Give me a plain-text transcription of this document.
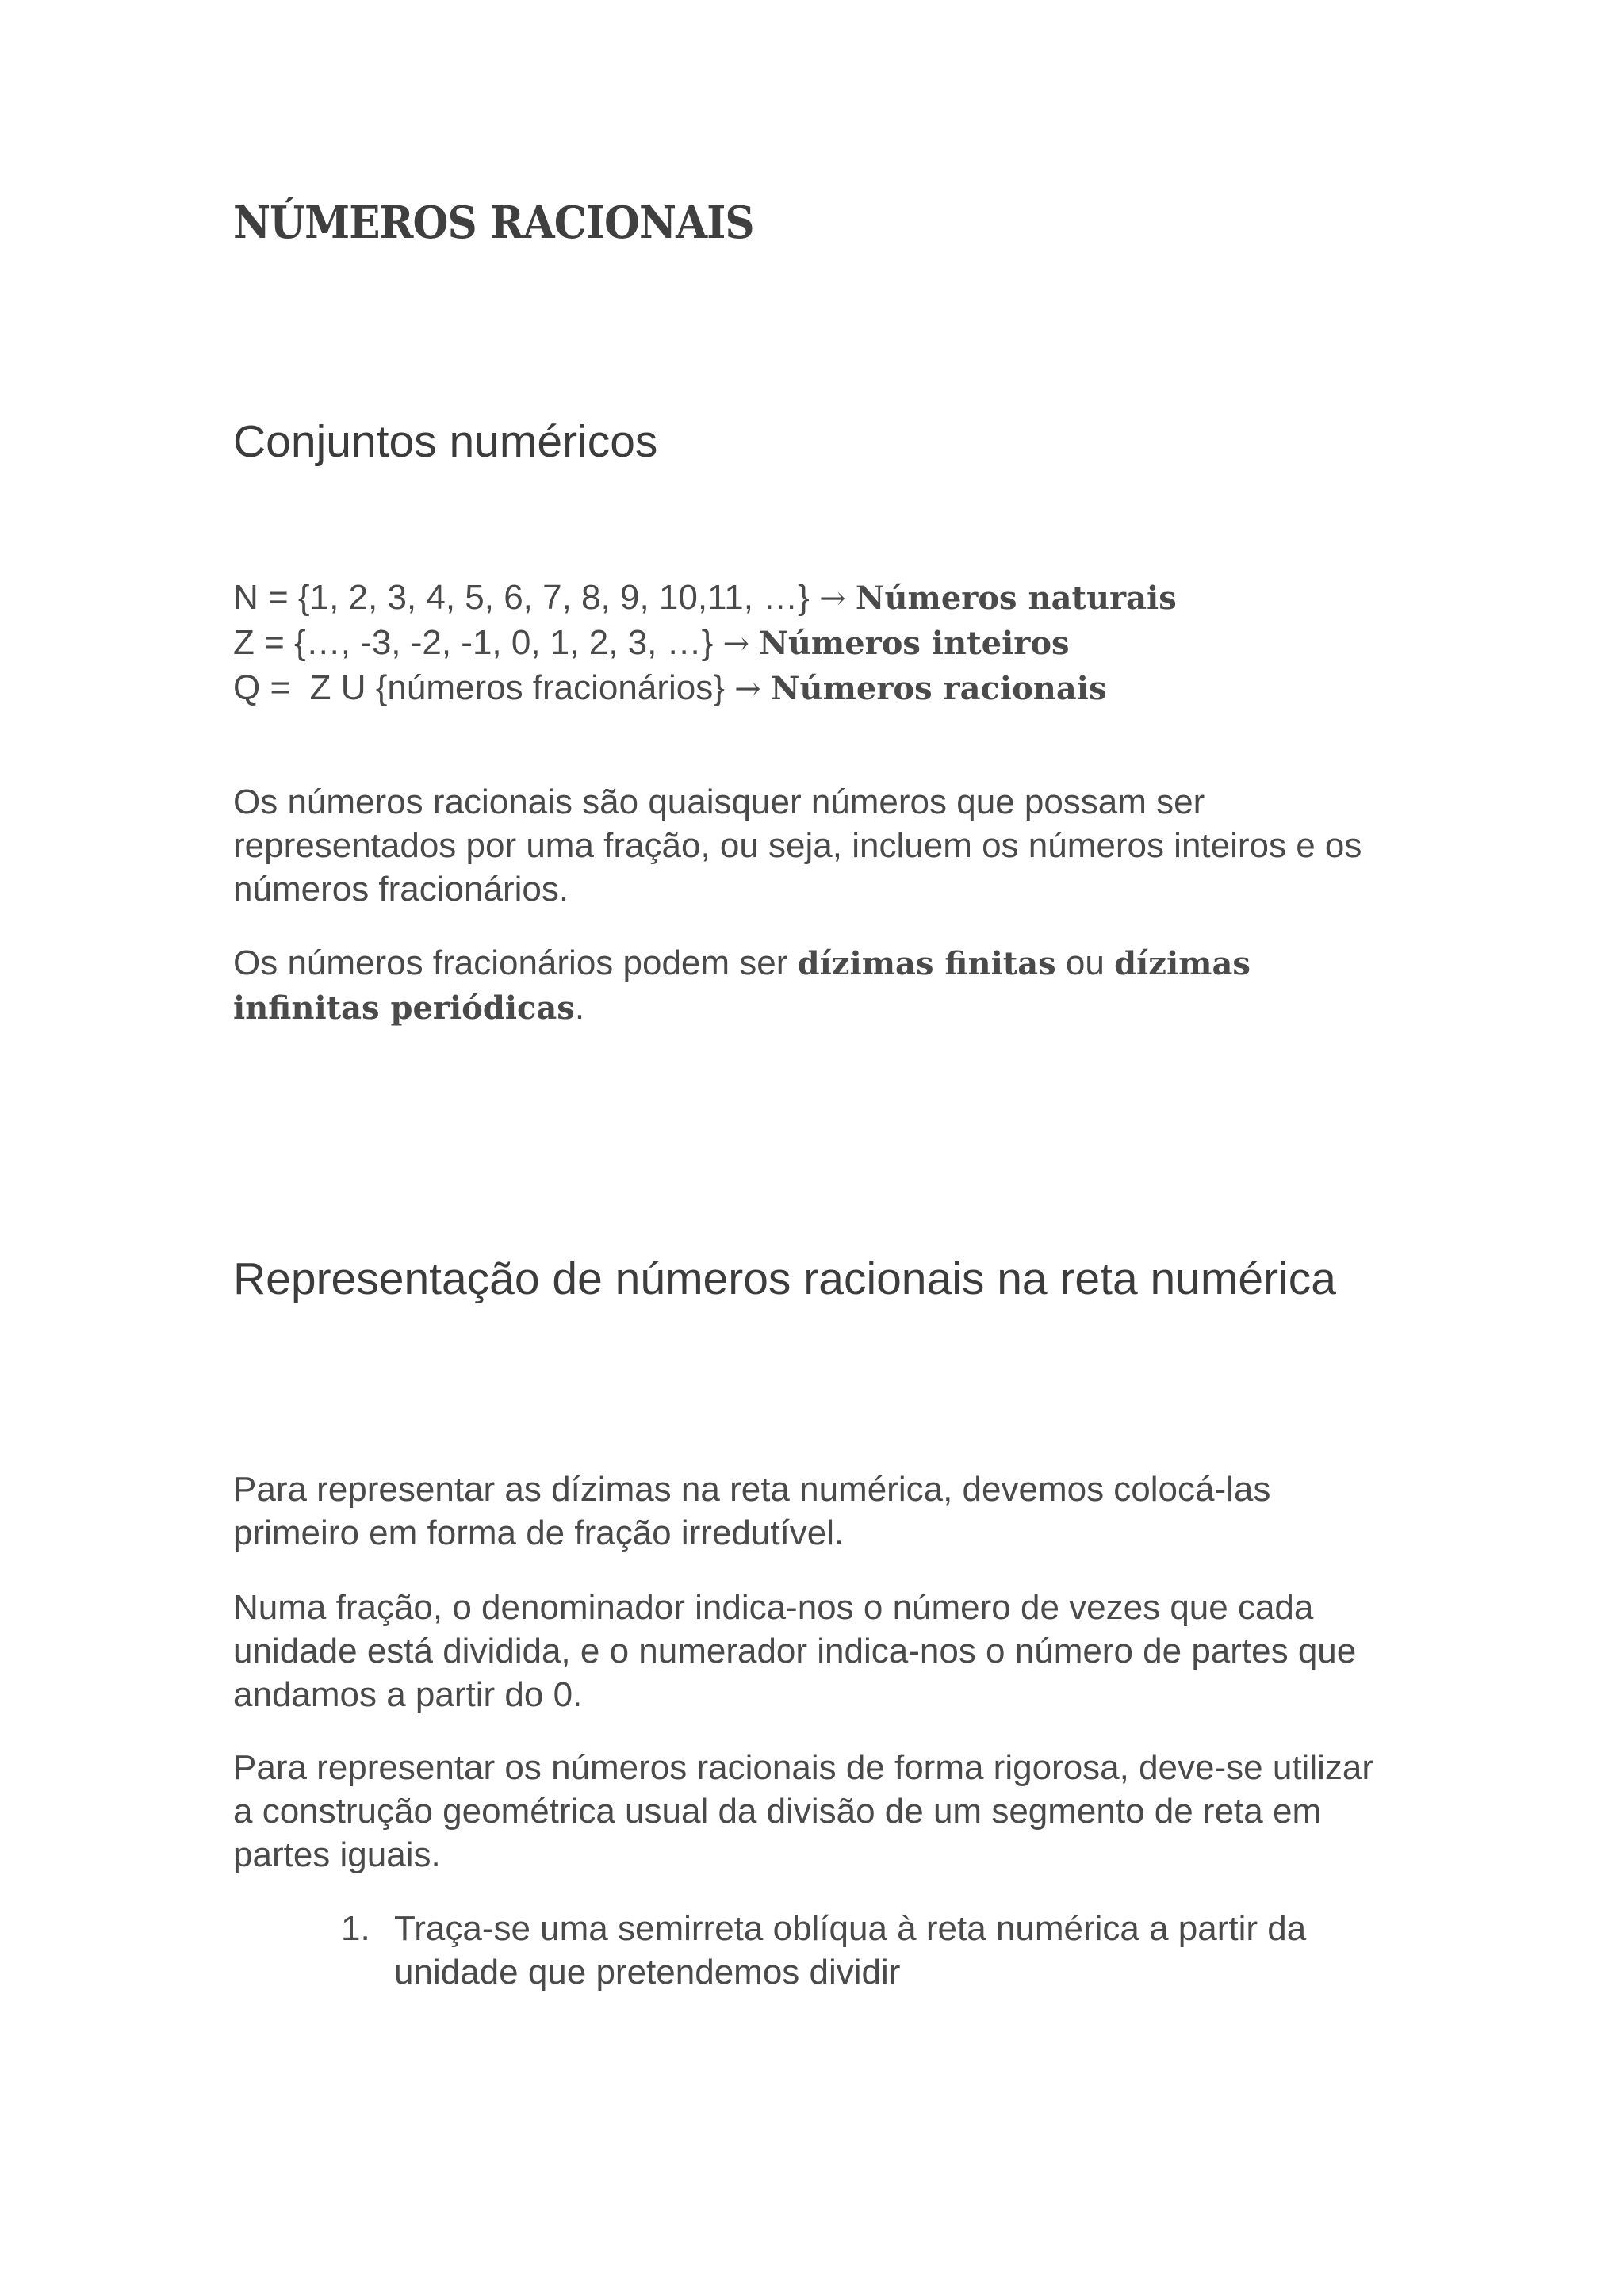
NÚMEROS RACIONAIS
Conjuntos numéricos
N = {1, 2, 3, 4, 5, 6, 7, 8, 9, 10,11, …} → Números naturais
Z = {…, -3, -2, -1, 0, 1, 2, 3, …} → Números inteiros
Q =  Z U {números fracionários} → Números racionais

Os números racionais são quaisquer números que possam ser representados por uma fração, ou seja, incluem os números inteiros e os números fracionários.

Os números fracionários podem ser dízimas finitas ou dízimas infinitas periódicas.

Representação de números racionais na reta numérica

Para representar as dízimas na reta numérica, devemos colocá-las primeiro em forma de fração irredutível.

Numa fração, o denominador indica-nos o número de vezes que cada unidade está dividida, e o numerador indica-nos o número de partes que andamos a partir do 0.

Para representar os números racionais de forma rigorosa, deve-se utilizar a construção geométrica usual da divisão de um segmento de reta em partes iguais.

1. Traça-se uma semirreta oblíqua à reta numérica a partir da unidade que pretendemos dividir
